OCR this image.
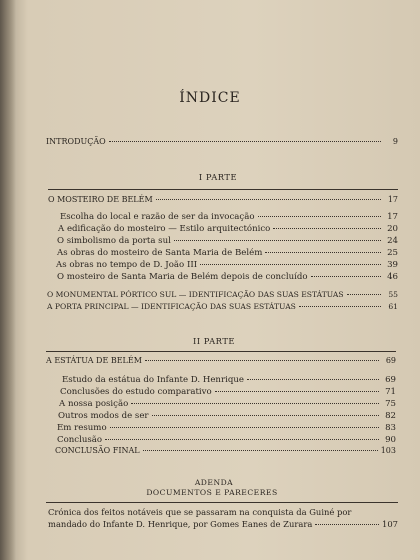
ÍNDICE
INTRODUÇÃO	9
I PARTE
O MOSTEIRO DE BELÉM	17
Escolha do local e razão de ser da invocação	17
A edificação do mosteiro — Estilo arquitectónico	20
O simbolismo da porta sul	24
As obras do mosteiro de Santa Maria de Belém	25
As obras no tempo de D. João III	39
O mosteiro de Santa Maria de Belém depois de concluído	46
O MONUMENTAL PÓRTICO SUL — IDENTIFICAÇÃO DAS SUAS ESTÁTUAS	55
A PORTA PRINCIPAL — IDENTIFICAÇÃO DAS SUAS ESTÁTUAS	61
II PARTE
A ESTÁTUA DE BELÉM	69
Estudo da estátua do Infante D. Henrique	69
Conclusões do estudo comparativo	71
A nossa posição	75
Outros modos de ser	82
Em resumo	83
Conclusão	90
CONCLUSÃO FINAL	103
ADENDA
DOCUMENTOS E PARECERES
Crónica dos feitos notáveis que se passaram na conquista da Guiné por
mandado do Infante D. Henrique, por Gomes Eanes de Zurara	107
